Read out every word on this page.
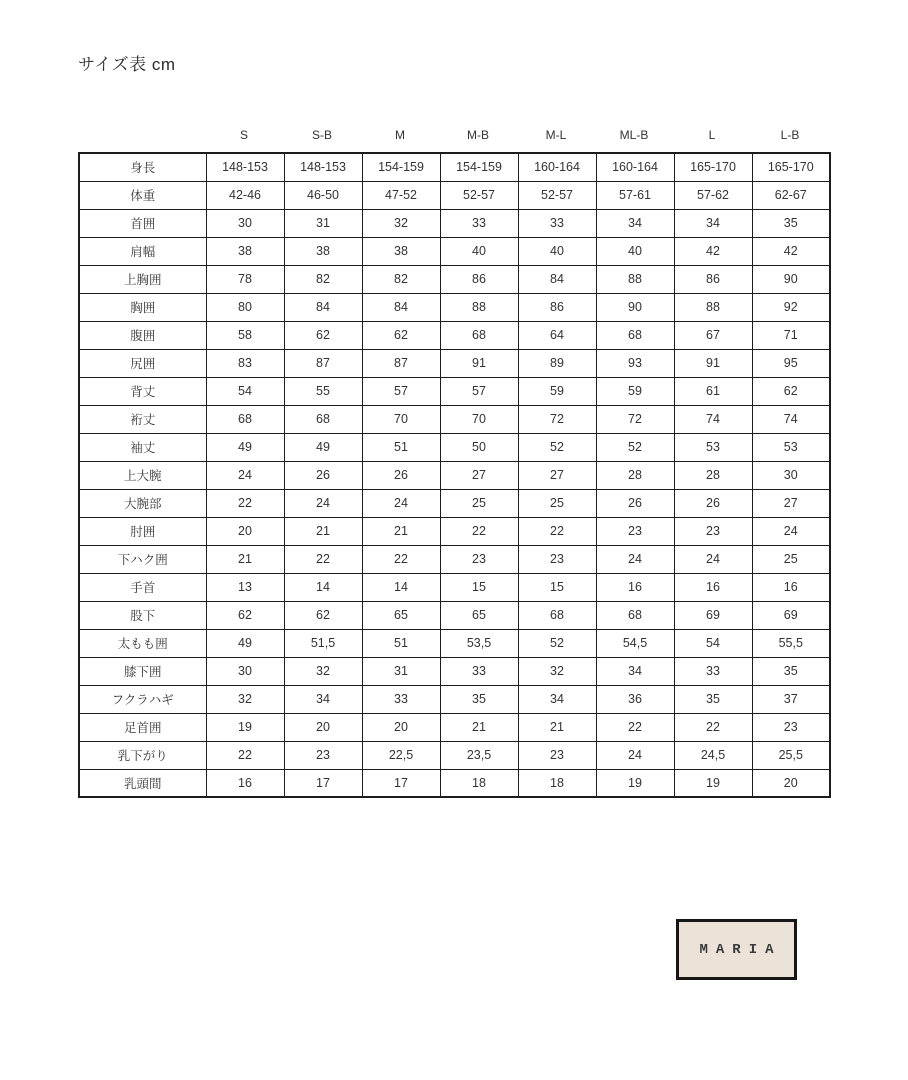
サイズ表 cm
S	S-B	M	M-B	M-L	ML-B	L	L-B
身長	148-153	148-153	154-159	154-159	160-164	160-164	165-170	165-170
体重	42-46	46-50	47-52	52-57	52-57	57-61	57-62	62-67
首囲	30	31	32	33	33	34	34	35
肩幅	38	38	38	40	40	40	42	42
上胸囲	78	82	82	86	84	88	86	90
胸囲	80	84	84	88	86	90	88	92
腹囲	58	62	62	68	64	68	67	71
尻囲	83	87	87	91	89	93	91	95
背丈	54	55	57	57	59	59	61	62
裄丈	68	68	70	70	72	72	74	74
袖丈	49	49	51	50	52	52	53	53
上大腕	24	26	26	27	27	28	28	30
大腕部	22	24	24	25	25	26	26	27
肘囲	20	21	21	22	22	23	23	24
下ハク囲	21	22	22	23	23	24	24	25
手首	13	14	14	15	15	16	16	16
股下	62	62	65	65	68	68	69	69
太もも囲	49	51,5	51	53,5	52	54,5	54	55,5
膝下囲	30	32	31	33	32	34	33	35
フクラハギ	32	34	33	35	34	36	35	37
足首囲	19	20	20	21	21	22	22	23
乳下がり	22	23	22,5	23,5	23	24	24,5	25,5
乳頭間	16	17	17	18	18	19	19	20
MARIA
